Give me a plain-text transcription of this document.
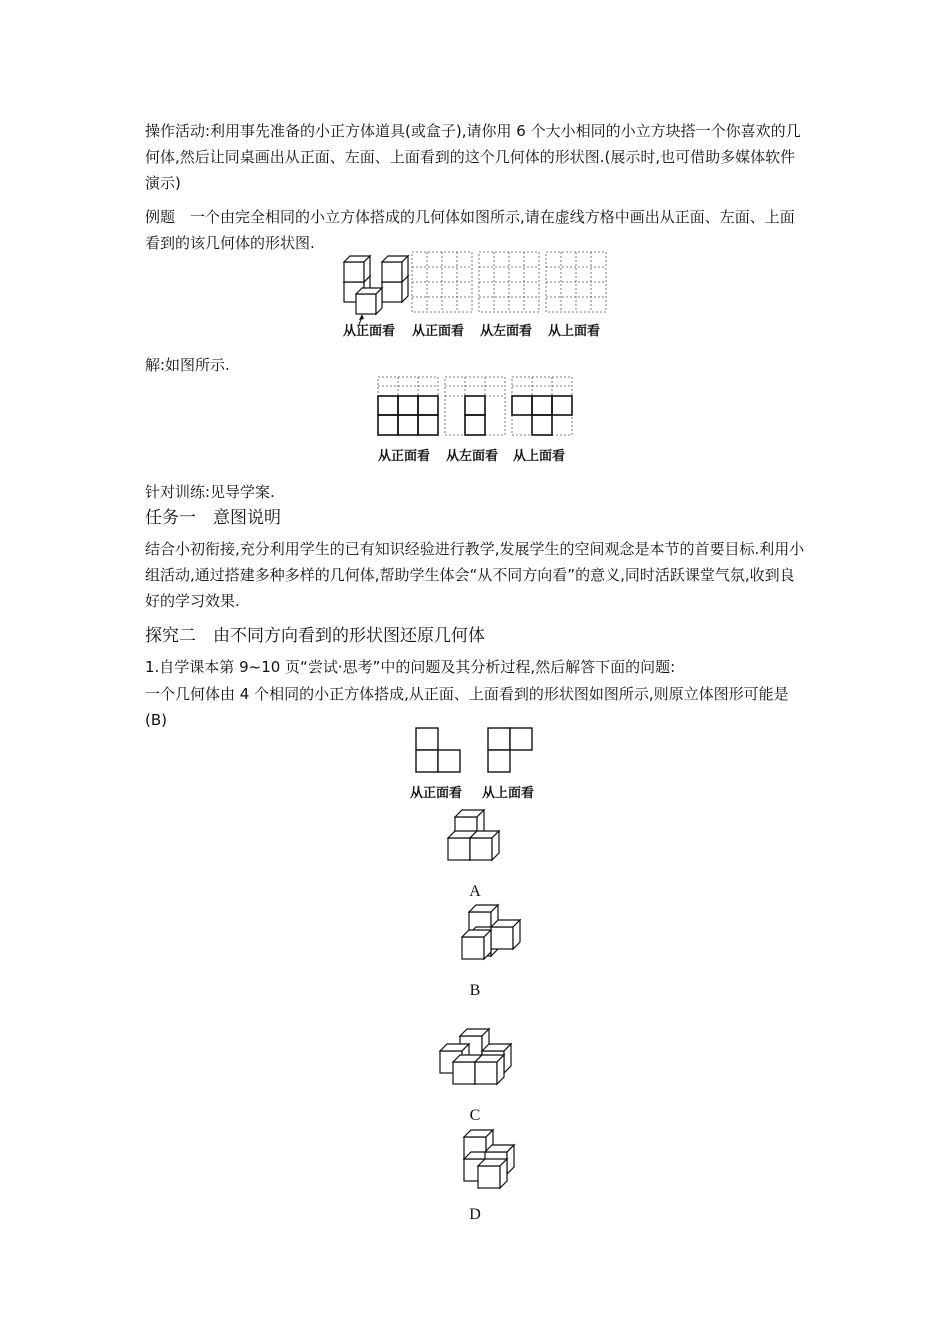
操作活动:利用事先准备的小正方体道具(或盒子),请你用 6 个大小相同的小立方块搭一个你喜欢的几何体,然后让同桌画出从正面、左面、上面看到的这个几何体的形状图.(展示时,也可借助多媒体软件演示)

例题　一个由完全相同的小立方体搭成的几何体如图所示,请在虚线方格中画出从正面、左面、上面看到的该几何体的形状图.

从正面看 从正面看 从左面看 从上面看

解:如图所示.

从正面看 从左面看 从上面看

针对训练:见导学案.

任务一　意图说明

结合小初衔接,充分利用学生的已有知识经验进行教学,发展学生的空间观念是本节的首要目标.利用小组活动,通过搭建多种多样的几何体,帮助学生体会“从不同方向看”的意义,同时活跃课堂气氛,收到良好的学习效果.

探究二　由不同方向看到的形状图还原几何体

1.自学课本第 9~10 页“尝试·思考”中的问题及其分析过程,然后解答下面的问题:

一个几何体由 4 个相同的小正方体搭成,从正面、上面看到的形状图如图所示,则原立体图形可能是(B)

从正面看 从上面看
A
B
C
D
